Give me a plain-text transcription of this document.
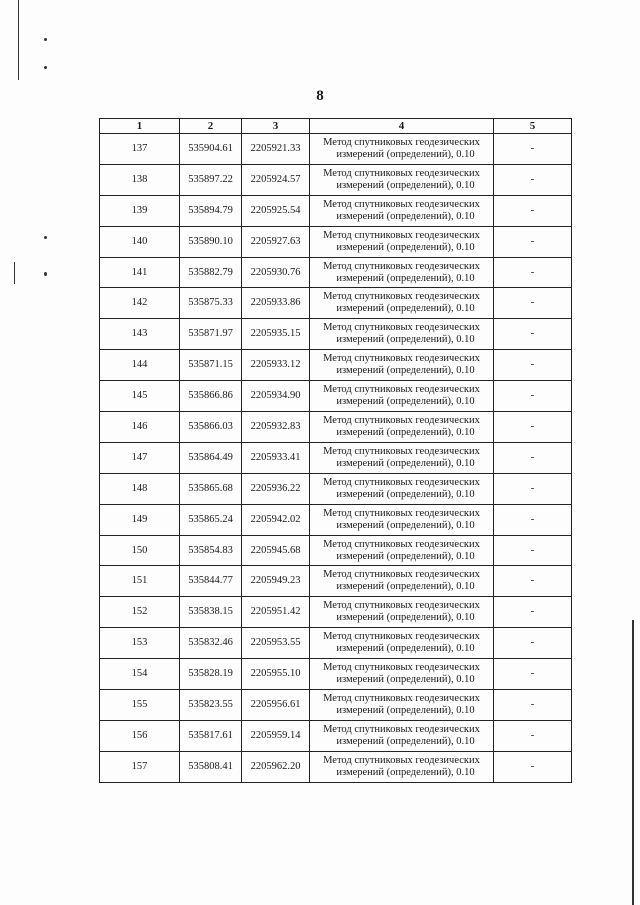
8
1	2	3	4	5
137	535904.61	2205921.33	Метод спутниковых геодезических
измерений (определений), 0.10	-
138	535897.22	2205924.57	Метод спутниковых геодезических
измерений (определений), 0.10	-
139	535894.79	2205925.54	Метод спутниковых геодезических
измерений (определений), 0.10	-
140	535890.10	2205927.63	Метод спутниковых геодезических
измерений (определений), 0.10	-
141	535882.79	2205930.76	Метод спутниковых геодезических
измерений (определений), 0.10	-
142	535875.33	2205933.86	Метод спутниковых геодезических
измерений (определений), 0.10	-
143	535871.97	2205935.15	Метод спутниковых геодезических
измерений (определений), 0.10	-
144	535871.15	2205933.12	Метод спутниковых геодезических
измерений (определений), 0.10	-
145	535866.86	2205934.90	Метод спутниковых геодезических
измерений (определений), 0.10	-
146	535866.03	2205932.83	Метод спутниковых геодезических
измерений (определений), 0.10	-
147	535864.49	2205933.41	Метод спутниковых геодезических
измерений (определений), 0.10	-
148	535865.68	2205936.22	Метод спутниковых геодезических
измерений (определений), 0.10	-
149	535865.24	2205942.02	Метод спутниковых геодезических
измерений (определений), 0.10	-
150	535854.83	2205945.68	Метод спутниковых геодезических
измерений (определений), 0.10	-
151	535844.77	2205949.23	Метод спутниковых геодезических
измерений (определений), 0.10	-
152	535838.15	2205951.42	Метод спутниковых геодезических
измерений (определений), 0.10	-
153	535832.46	2205953.55	Метод спутниковых геодезических
измерений (определений), 0.10	-
154	535828.19	2205955.10	Метод спутниковых геодезических
измерений (определений), 0.10	-
155	535823.55	2205956.61	Метод спутниковых геодезических
измерений (определений), 0.10	-
156	535817.61	2205959.14	Метод спутниковых геодезических
измерений (определений), 0.10	-
157	535808.41	2205962.20	Метод спутниковых геодезических
измерений (определений), 0.10	-
